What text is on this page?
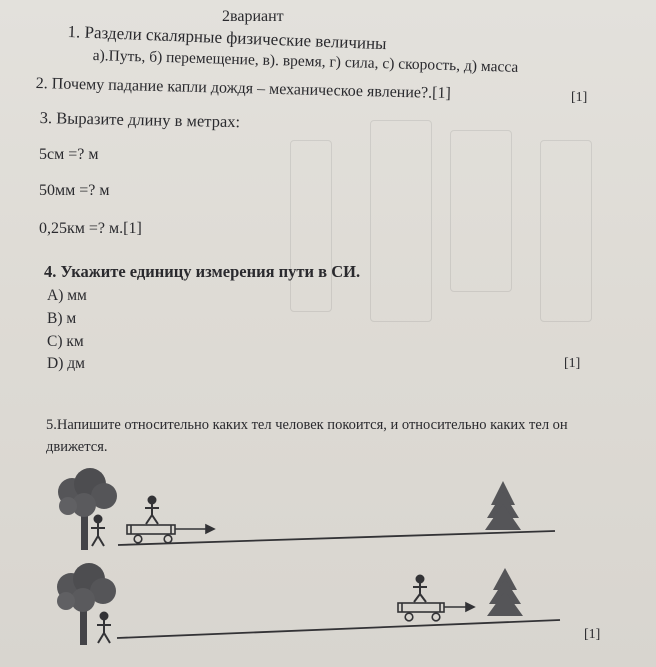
2вариант
1. Раздели скалярные физические величины
а).Путь, б) перемещение, в). время, г) сила, с) скорость, д) масса
[1]
2. Почему падание капли дождя – механическое явление?.[1]
3. Выразите длину в метрах:
5см =? м
50мм =? м
0,25км =? м.[1]
4. Укажите единицу измерения пути в СИ.
А) мм
В) м
С) км
D) дм	[1]
5.Напишите относительно каких тел человек покоится, и относительно каких тел он
движется.
[1]
